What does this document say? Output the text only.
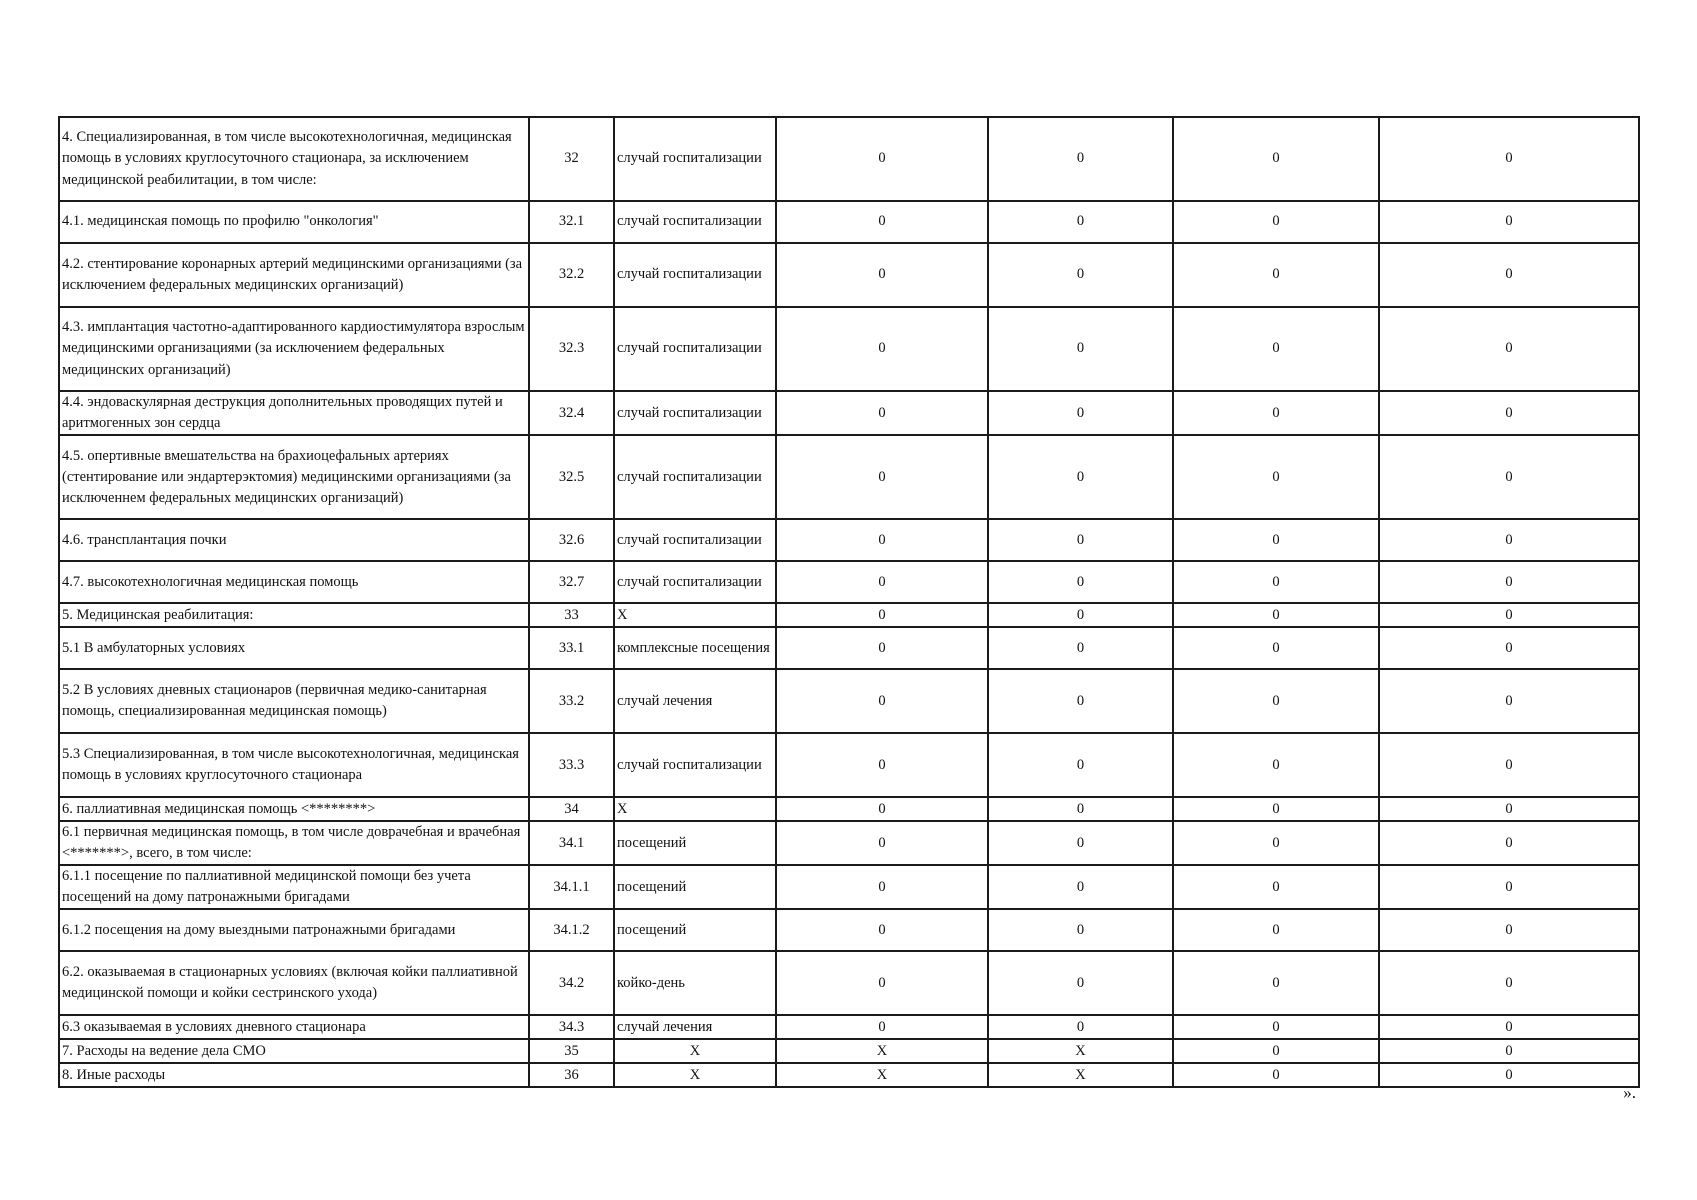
4. Специализированная, в том числе высокотехнологичная, медицинская помощь в условиях круглосуточного стационара, за исключением медицинской реабилитации, в том числе:	32	случай госпитализации	0	0	0	0
4.1. медицинская помощь по профилю "онкология"	32.1	случай госпитализации	0	0	0	0
4.2. стентирование коронарных артерий медицинскими организациями (за исключением федеральных медицинских организаций)	32.2	случай госпитализации	0	0	0	0
4.3. имплантация частотно-адаптированного кардиостимулятора взрослым медицинскими организациями (за исключением федеральных медицинских организаций)	32.3	случай госпитализации	0	0	0	0
4.4. эндоваскулярная деструкция дополнительных проводящих путей и аритмогенных зон сердца	32.4	случай госпитализации	0	0	0	0
4.5. опертивные вмешательства на брахиоцефальных артериях (стентирование или эндартерэктомия) медицинскими организациями (за исключеннем федеральных медицинских организаций)	32.5	случай госпитализации	0	0	0	0
4.6. трансплантация почки	32.6	случай госпитализации	0	0	0	0
4.7. высокотехнологичная медицинская помощь	32.7	случай госпитализации	0	0	0	0
5. Медицинская реабилитация:	33	X	0	0	0	0
5.1 В амбулаторных условиях	33.1	комплексные посещения	0	0	0	0
5.2 В условиях дневных стационаров (первичная медико-санитарная помощь, специализированная медицинская помощь)	33.2	случай лечения	0	0	0	0
5.3 Специализированная, в том числе высокотехнологичная, медицинская помощь в условиях круглосуточного стационара	33.3	случай госпитализации	0	0	0	0
6. паллиативная медицинская помощь <********>	34	X	0	0	0	0
6.1 первичная медицинская помощь, в том числе доврачебная и врачебная <*******>, всего, в том числе:	34.1	посещений	0	0	0	0
6.1.1 посещение по паллиативной медицинской помощи без учета посещений на дому патронажными бригадами	34.1.1	посещений	0	0	0	0
6.1.2 посещения на дому выездными патронажными бригадами	34.1.2	посещений	0	0	0	0
6.2. оказываемая в стационарных условиях (включая койки паллиативной медицинской помощи и койки сестринского ухода)	34.2	койко-день	0	0	0	0
6.3 оказываемая в условиях дневного стационара	34.3	случай лечения	0	0	0	0
7. Расходы на ведение дела СМО	35	X	X	X	0	0
8. Иные расходы	36	X	X	X	0	0
».
